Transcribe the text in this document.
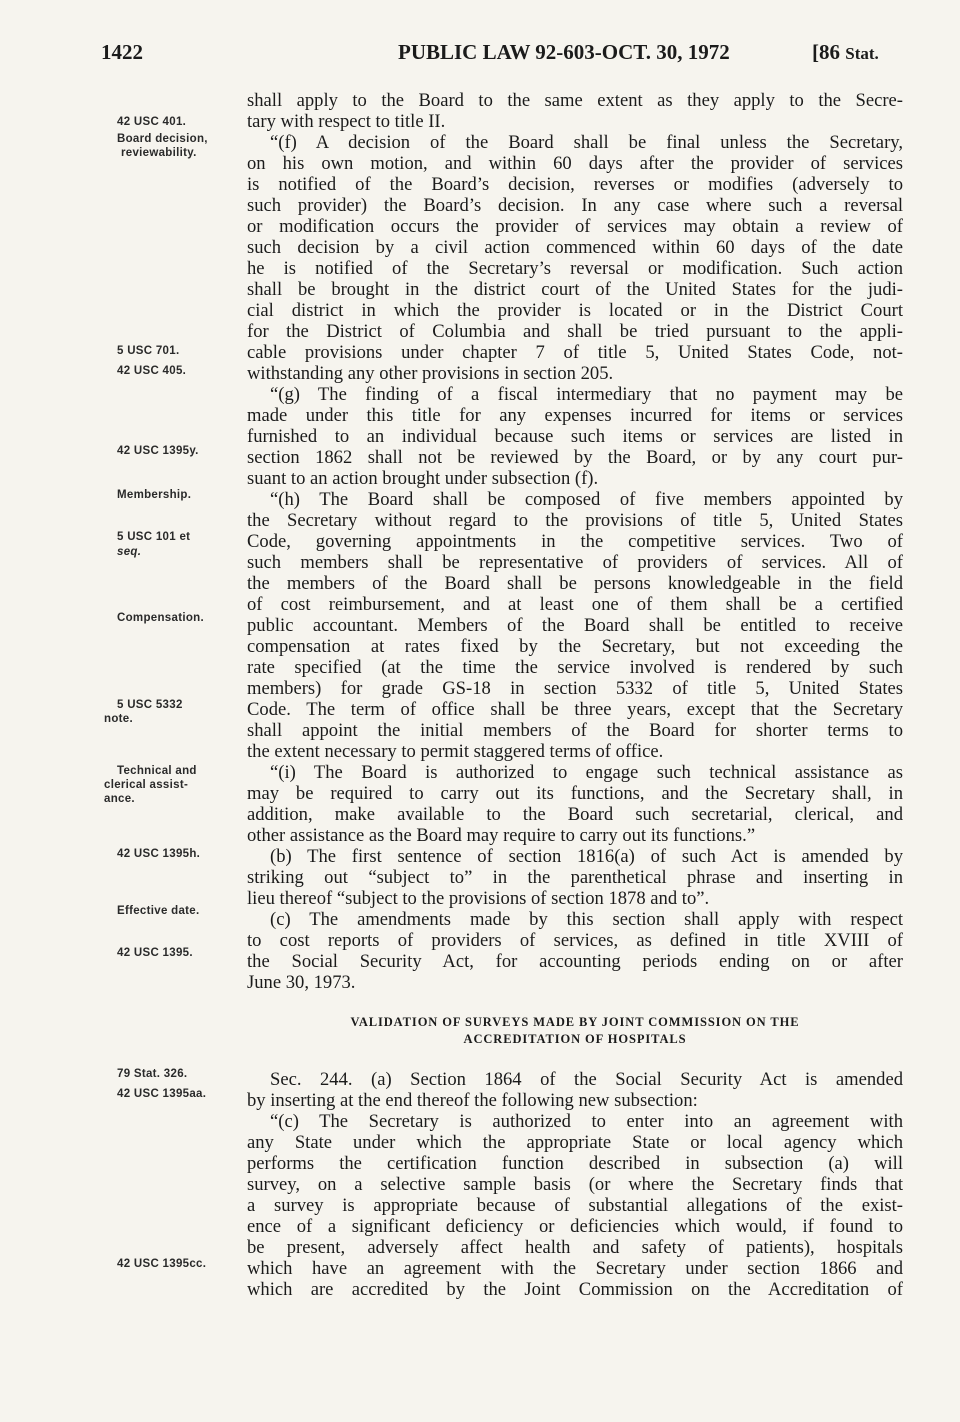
1422	PUBLIC LAW 92-603-OCT. 30, 1972	[86 Stat.
shall apply to the Board to the same extent as they apply to the Secre-
tary with respect to title II.
“(f) A decision of the Board shall be final unless the Secretary,
on his own motion, and within 60 days after the provider of services
is notified of the Board’s decision, reverses or modifies (adversely to
such provider) the Board’s decision. In any case where such a reversal
or modification occurs the provider of services may obtain a review of
such decision by a civil action commenced within 60 days of the date
he is notified of the Secretary’s reversal or modification. Such action
shall be brought in the district court of the United States for the judi-
cial district in which the provider is located or in the District Court
for the District of Columbia and shall be tried pursuant to the appli-
cable provisions under chapter 7 of title 5, United States Code, not-
withstanding any other provisions in section 205.
“(g) The finding of a fiscal intermediary that no payment may be
made under this title for any expenses incurred for items or services
furnished to an individual because such items or services are listed in
section 1862 shall not be reviewed by the Board, or by any court pur-
suant to an action brought under subsection (f).
“(h) The Board shall be composed of five members appointed by
the Secretary without regard to the provisions of title 5, United States
Code, governing appointments in the competitive services. Two of
such members shall be representative of providers of services. All of
the members of the Board shall be persons knowledgeable in the field
of cost reimbursement, and at least one of them shall be a certified
public accountant. Members of the Board shall be entitled to receive
compensation at rates fixed by the Secretary, but not exceeding the
rate specified (at the time the service involved is rendered by such
members) for grade GS-18 in section 5332 of title 5, United States
Code. The term of office shall be three years, except that the Secretary
shall appoint the initial members of the Board for shorter terms to
the extent necessary to permit staggered terms of office.
“(i) The Board is authorized to engage such technical assistance as
may be required to carry out its functions, and the Secretary shall, in
addition, make available to the Board such secretarial, clerical, and
other assistance as the Board may require to carry out its functions.”
(b) The first sentence of section 1816(a) of such Act is amended by
striking out “subject to” in the parenthetical phrase and inserting in
lieu thereof “subject to the provisions of section 1878 and to”.
(c) The amendments made by this section shall apply with respect
to cost reports of providers of services, as defined in title XVIII of
the Social Security Act, for accounting periods ending on or after
June 30, 1973.
VALIDATION OF SURVEYS MADE BY JOINT COMMISSION ON THE
ACCREDITATION OF HOSPITALS
Sec. 244. (a) Section 1864 of the Social Security Act is amended
by inserting at the end thereof the following new subsection:
“(c) The Secretary is authorized to enter into an agreement with
any State under which the appropriate State or local agency which
performs the certification function described in subsection (a) will
survey, on a selective sample basis (or where the Secretary finds that
a survey is appropriate because of substantial allegations of the exist-
ence of a significant deficiency or deficiencies which would, if found to
be present, adversely affect health and safety of patients), hospitals
which have an agreement with the Secretary under section 1866 and
which are accredited by the Joint Commission on the Accreditation of
42 USC 401.
Board decision,
reviewability.
5 USC 701.
42 USC 405.
42 USC 1395y.
Membership.
5 USC 101 et
seq.
Compensation.
5 USC 5332
note.
Technical and
clerical assist-
ance.
42 USC 1395h.
Effective date.
42 USC 1395.
79 Stat. 326.
42 USC 1395aa.
42 USC 1395cc.
